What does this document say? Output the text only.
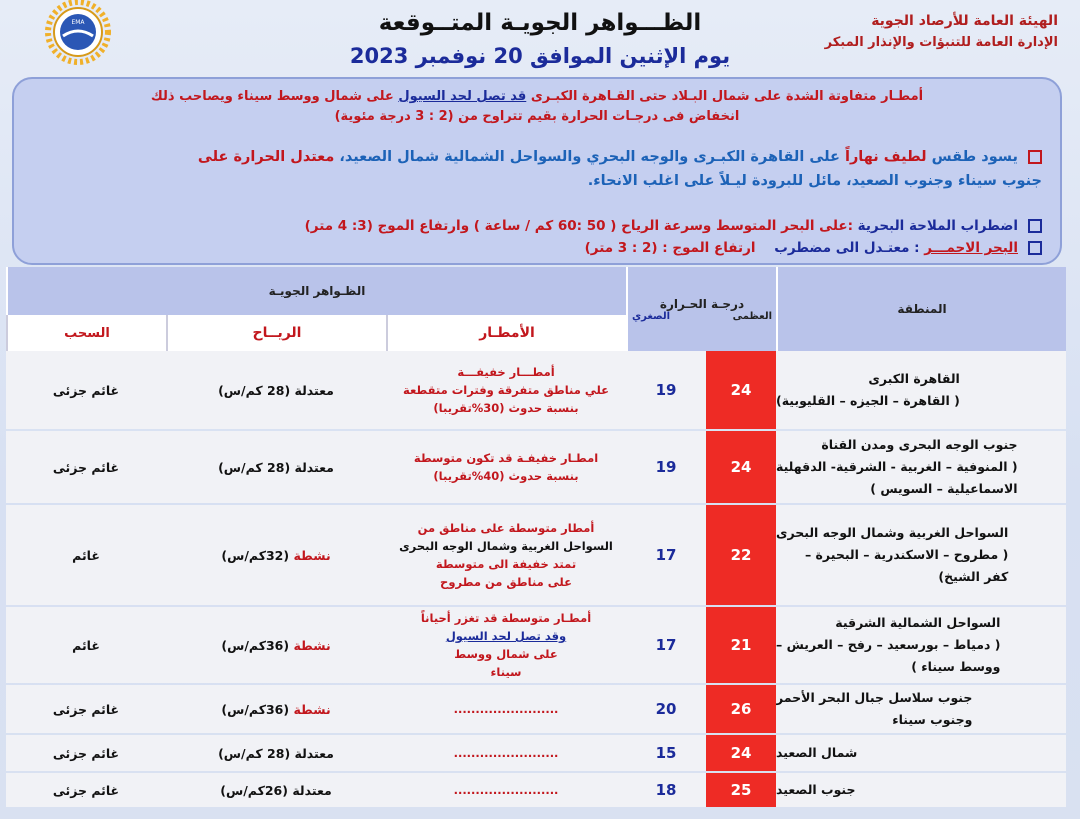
EMA	الهيئة العامة للأرصاد الجوية
الإدارة العامة للتنبؤات والإنذار المبكر
الظـــواهر الجويـة المتــوقعة
يوم الإثنين الموافق 20 نوفمبر 2023
أمطـار متفاوتة الشدة على شمال البـلاد حتى القـاهرة الكبـرى قد تصل لحد السيول على شمال ووسط سيناء ويصاحب ذلك
انخفاض فى درجـات الحرارة بقيم تتراوح من (2 : 3 درجة مئوية)
يسود طقس لطيف نهاراً على القاهرة الكبـرى والوجه البحري والسواحل الشمالية شمال الصعيد، معتدل الحرارة على
جنوب سيناء وجنوب الصعيد، مائل للبرودة ليـلاً على اغلب الانحاء.
اضطراب الملاحة البحرية :على البحر المتوسط وسرعة الرياح ( 50 :60 كم / ساعة ) وارتفاع الموج (3: 4 متر)
البحر الاحمـــر : معتـدل الى مضطرب    ارتفاع الموج : (2 : 3 متر)
المنطقة
درجـة الحـرارة
العظمى
الصغري
الظـواهر الجويـة
الأمطـار
الريــاح
السحب
القاهرة الكبرى
( القاهرة – الجيزه – القليوبية)
24
19
أمطـــار خفيفـــة
علي مناطق متفرقة وفترات متقطعة
بنسبة حدوث (30%تقريبا)
معتدلة

(28 كم/س)
غائم جزئى
جنوب الوجه البحرى ومدن القناة
( المنوفية – الغربية - الشرقية- الدقهلية
الاسماعيلية – السويس )
24
19
امطـار خفيفـة قد تكون متوسطة
بنسبة حدوث (40%تقريبا)
معتدلة

(28 كم/س)
غائم جزئى
السواحل الغربية وشمال الوجه البحرى
( مطروح – الاسكندرية – البحيرة –
كفر الشيخ)
22
17
أمطار متوسطة على مناطق من
السواحل الغربية وشمال الوجه البحرى
تمتد خفيفة الى متوسطة
على مناطق من مطروح
نشطة

(32كم/س)
غائم
السواحل الشمالية الشرقية
( دمياط – بورسعيد – رفح – العريش –
ووسط سيناء )
21
17
أمطـار متوسطة قد تغزر أحياناً
وقد تصل لحد السيول
على شمال ووسط
سيناء
نشطة

(36كم/س)
غائم
جنوب سلاسل جبال البحر الأحمر
وجنوب سيناء
26
20
........................
نشطة

(36كم/س)
غائم جزئى
شمال الصعيد
24
15
........................
معتدلة

(28 كم/س)
غائم جزئى
جنوب الصعيد
25
18
........................
معتدلة

(26كم/س)
غائم جزئى
